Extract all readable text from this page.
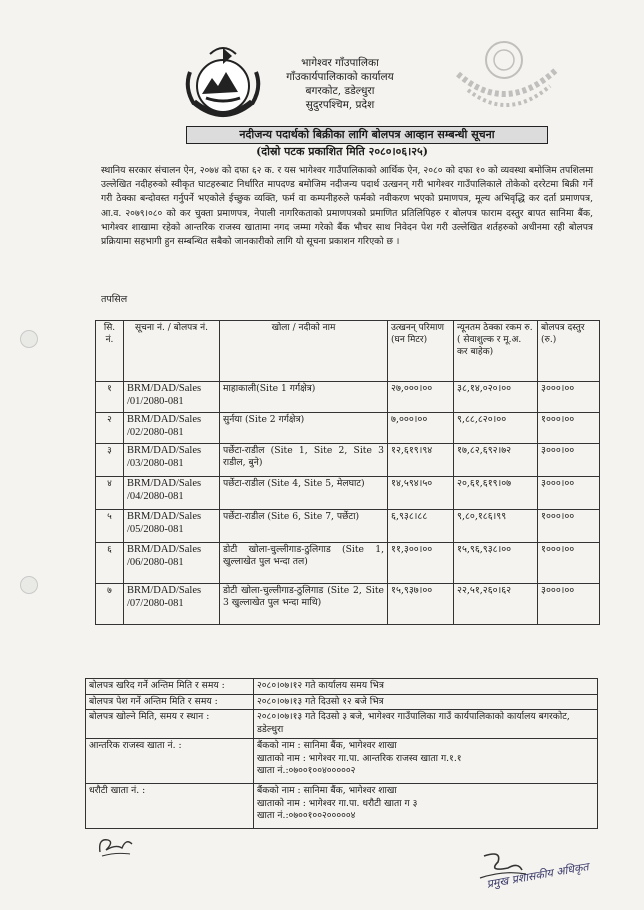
भागेश्वर गाँउपालिका
गाँउकार्यपालिकाको कार्यालय
बगरकोट, डडेल्धुरा
सुदुरपश्चिम, प्रदेश
नदीजन्य पदार्थको बिक्रीका लागि बोलपत्र आव्हान सम्बन्धी सूचना
(दोस्रो पटक प्रकाशित मिति २०८०।०६।२५)
स्थानिय सरकार संचालन ऐन, २०७४ को दफा ६२ क. र यस भागेश्वर गाउँपालिकाको आर्थिक ऐन, २०८० को दफा १० को व्यवस्था बमोजिम तपशिलमा उल्लेखित नदीहरुको स्वीकृत घाटहरुबाट निर्धारित मापदण्ड बमोजिम नदीजन्य पदार्थ उत्खनन् गरी भागेश्वर गाउँपालिकाले तोकेको दररेटमा बिक्री गर्ने गरी ठेक्का बन्दोवस्त गर्नुपर्ने भएकोले ईच्छुक व्यक्ति, फर्म वा कम्पनीहरुले फर्मको नवीकरण भएको प्रमाणपत्र, मूल्य अभिवृद्धि कर दर्ता प्रमाणपत्र, आ.व. २०७९।०८० को कर चुक्ता प्रमाणपत्र, नेपाली नागरिकताको प्रमाणपत्रको प्रमाणित प्रतिलिपिहरु र बोलपत्र फाराम दस्तुर बापत सानिमा बैंक, भागेश्वर शाखामा रहेको आन्तरिक राजस्व खातामा नगद जम्मा गरेको बैंक भौचर साथ निवेदन पेश गरी उल्लेखित शर्तहरुको अधीनमा रही बोलपत्र प्रक्रियामा सहभागी हुन सम्बन्धित सबैको जानकारीको लागि यो सूचना प्रकाशन गरिएको छ ।
तपसिल
सि. नं.	सूचना नं. / बोलपत्र नं.	खोला / नदीको नाम	उत्खनन् परिमाण (घन मिटर)	न्यूनतम ठेक्का रकम रु. ( सेवाशुल्क र मू.अ. कर बाहेक)	बोलपत्र दस्तुर (रु.)
१	BRM/DAD/Sales /01/2080-081	माहाकाली(Site 1 गर्गक्षेत्र)	२७,०००।००	३८,१४,०२०।००	३०००।००
२	BRM/DAD/Sales /02/2080-081	सुर्नया (Site 2 गर्गक्षेत्र)	७,०००।००	९,८८,८२०।००	१०००।००
३	BRM/DAD/Sales /03/2080-081	पर्छेटा-राडील (Site 1, Site 2, Site 3 राडील, बुने)	१२,६१९।९४	१७,८२,६९२।७२	३०००।००
४	BRM/DAD/Sales /04/2080-081	पर्छेटा-राडील (Site 4, Site 5, मेलघाट)	१४,५९४।५०	२०,६१,६१९।०७	३०००।००
५	BRM/DAD/Sales /05/2080-081	पर्छेटा-राडील (Site 6, Site 7, पर्छेटा)	६,९३८।८८	९,८०,१८६।९९	१०००।००
६	BRM/DAD/Sales /06/2080-081	डोटी खोला-चुल्लीगाड-ठुलिगाड (Site 1, खुल्लाखेत पुल भन्दा तल)	११,३००।००	१५,९६,९३८।००	१०००।००
७	BRM/DAD/Sales /07/2080-081	डोटी खोला-चुल्लीगाड-ठुलिगाड (Site 2, Site 3 खुल्लाखेत पुल भन्दा माथि)	१५,९३७।००	२२,५१,२६०।६२	३०००।००
बोलपत्र खरिद गर्ने अन्तिम मिति र समय :	२०८०।०७।१२ गते कार्यालय समय भित्र
बोलपत्र पेश गर्ने अन्तिम मिति र समय :	२०८०।०७।१३ गते दिउसो १२ बजे भित्र
बोलपत्र खोल्ने मिति, समय र स्थान :	२०८०।०७।१३ गते दिउसो ३ बजे, भागेश्वर गाउँपालिका गाउँ कार्यपालिकाको कार्यालय बगरकोट, डडेल्धुरा
आन्तरिक राजस्व खाता नं. :	बैंकको नाम : सानिमा बैंक, भागेश्वर शाखा
खाताको नाम : भागेश्वर गा.पा. आन्तरिक राजस्व खाता ग.१.१
खाता नं.:०७००१००४०००००२

धरौटी खाता नं. :	बैंकको नाम : सानिमा बैंक, भागेश्वर शाखा
खाताको नाम : भागेश्वर गा.पा. धरौटी खाता ग ३
खाता नं.:०७००१००२०००००४
प्रमुख प्रशासकीय अधिकृत
